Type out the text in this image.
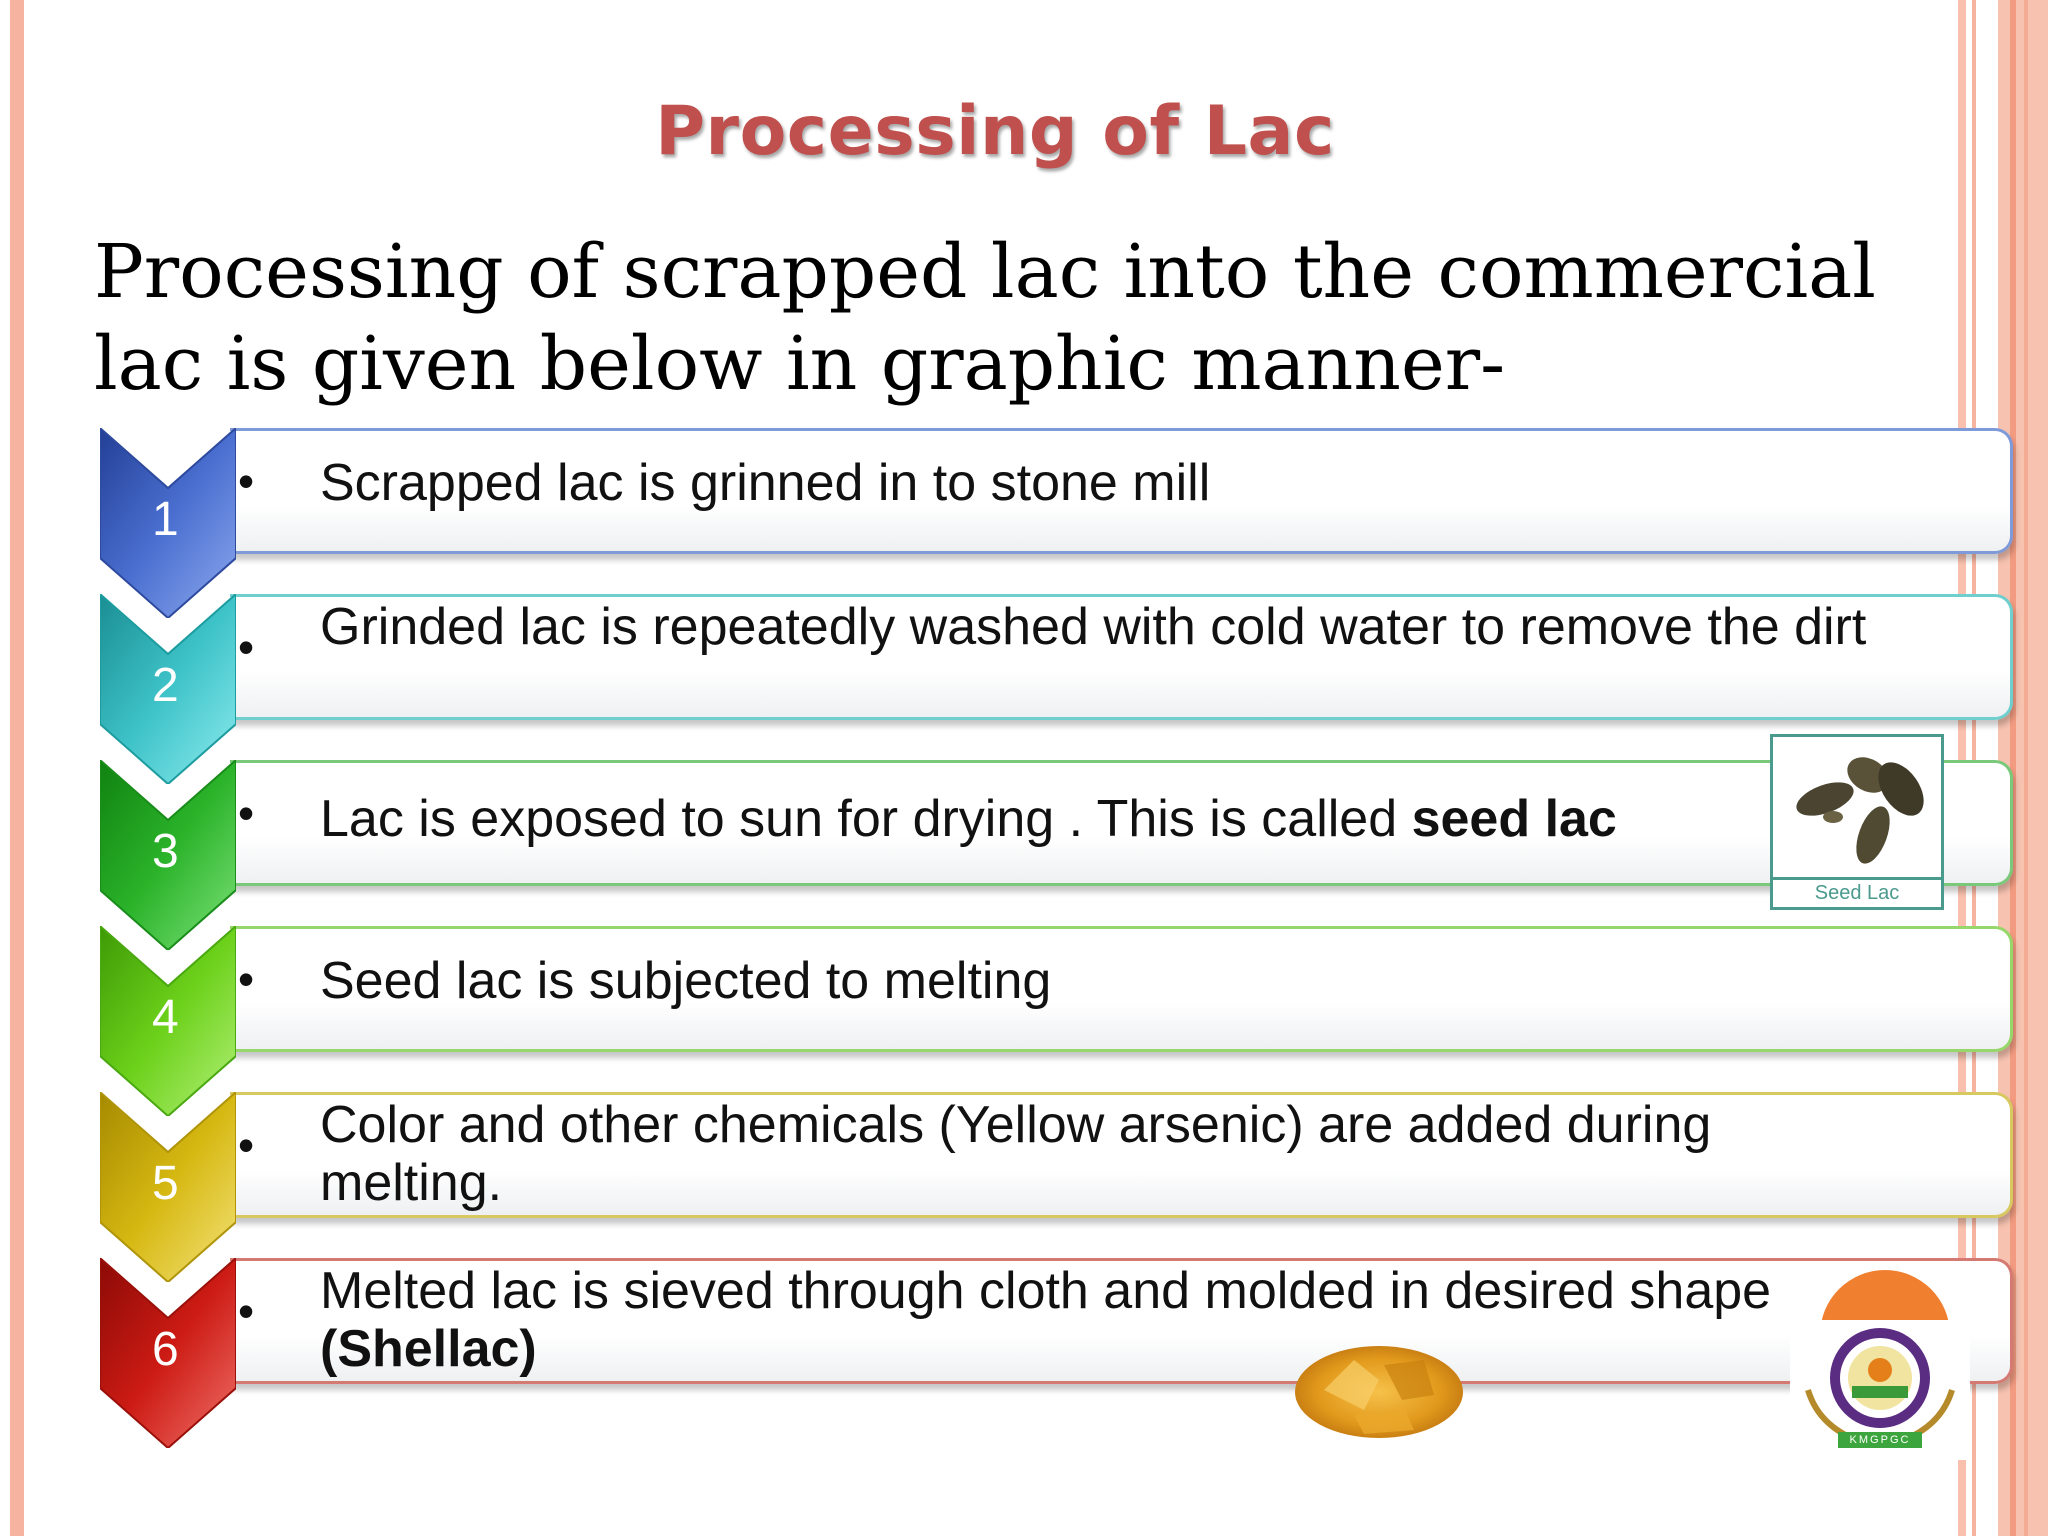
Processing of Lac
Processing of scrapped lac into the commercial lac is given below in graphic manner-
1
• Scrapped lac is grinned in to stone mill
2
• Grinded lac is repeatedly washed with cold water to remove the dirt
3
• Lac is exposed to sun for drying . This is called seed lac
4
• Seed lac is subjected to melting
5
• Color and other chemicals (Yellow arsenic) are added during melting.
6
• Melted lac is sieved through cloth and molded in desired shape (Shellac)
Seed Lac
KMGPGC
